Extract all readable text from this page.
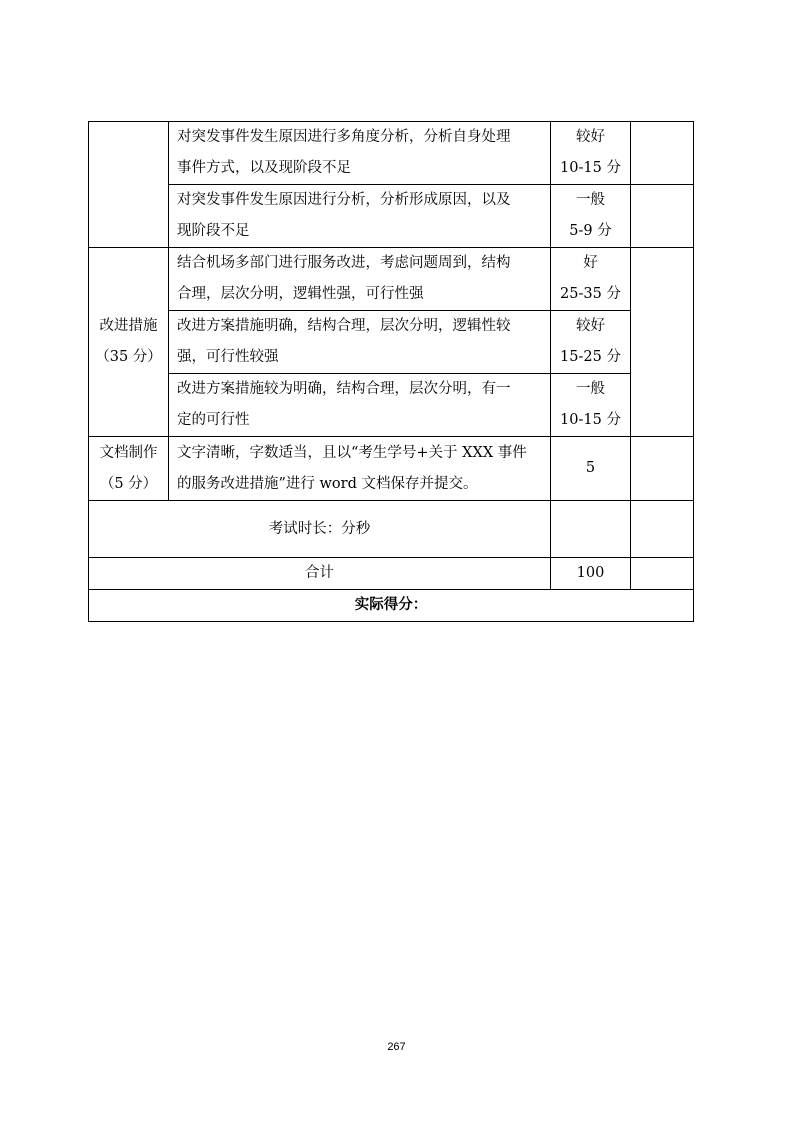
	对突发事件发生原因进行多角度分析，分析自身处理
事件方式，以及现阶段不足	较好
10-15 分	

	对突发事件发生原因进行分析，分析形成原因，以及
现阶段不足	一般
5-9 分	

改进措施
（35 分）	结合机场多部门进行服务改进，考虑问题周到，结构
合理，层次分明，逻辑性强，可行性强	好
25-35 分	

	改进方案措施明确，结构合理，层次分明，逻辑性较
强，可行性较强	较好
15-25 分	

	改进方案措施较为明确，结构合理，层次分明，有一
定的可行性	一般
10-15 分	

文档制作
（5 分）	文字清晰，字数适当，且以“考生学号+关于 XXX 事件
的服务改进措施”进行 word 文档保存并提交。	5	
考试时长：分秒			
合计		100	
实际得分：			
267
